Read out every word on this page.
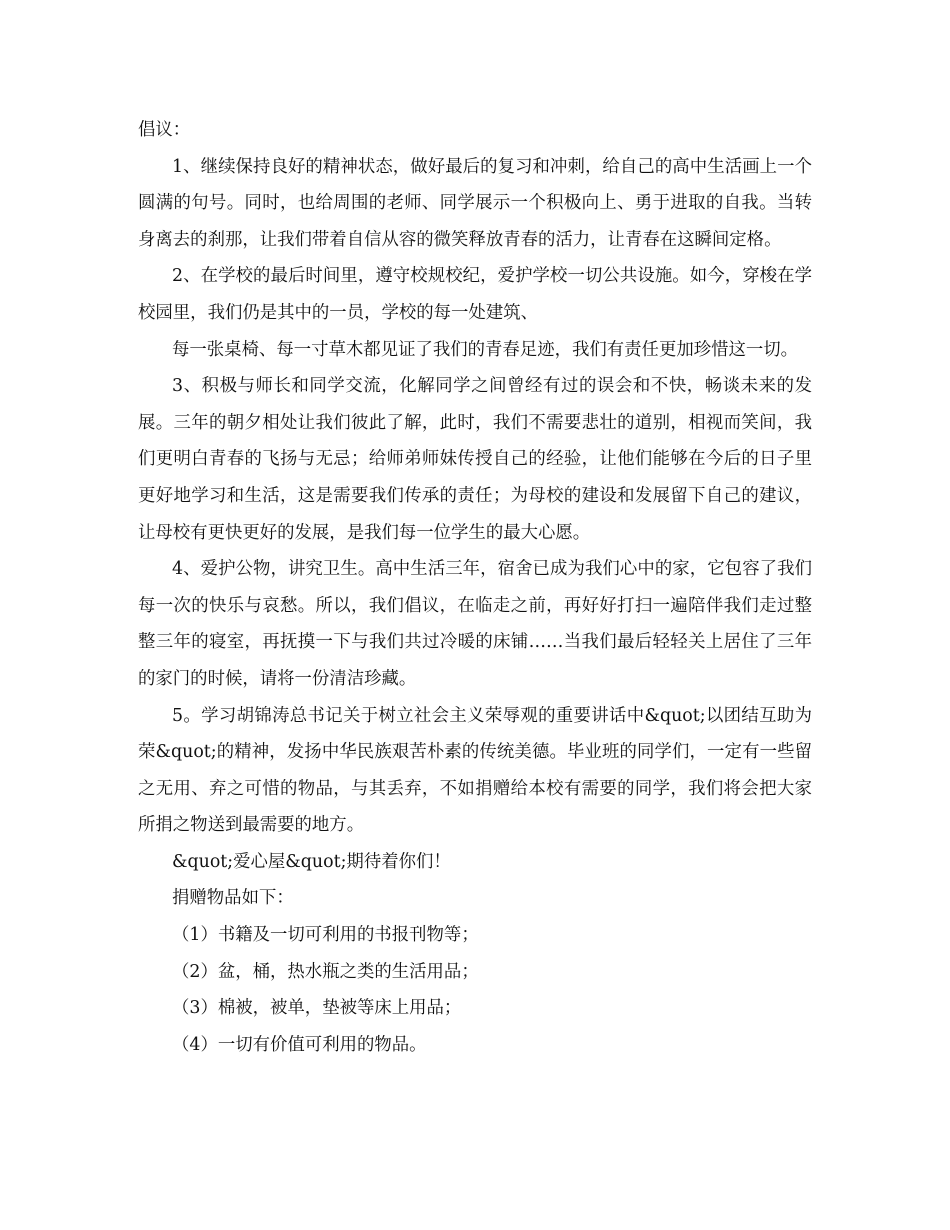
倡议：

1、继续保持良好的精神状态，做好最后的复习和冲刺，给自己的高中生活画上一个圆满的句号。同时，也给周围的老师、同学展示一个积极向上、勇于进取的自我。当转身离去的刹那，让我们带着自信从容的微笑释放青春的活力，让青春在这瞬间定格。

2、在学校的最后时间里，遵守校规校纪，爱护学校一切公共设施。如今，穿梭在学校园里，我们仍是其中的一员，学校的每一处建筑、

每一张桌椅、每一寸草木都见证了我们的青春足迹，我们有责任更加珍惜这一切。

3、积极与师长和同学交流，化解同学之间曾经有过的误会和不快，畅谈未来的发展。三年的朝夕相处让我们彼此了解，此时，我们不需要悲壮的道别，相视而笑间，我们更明白青春的飞扬与无忌；给师弟师妹传授自己的经验，让他们能够在今后的日子里更好地学习和生活，这是需要我们传承的责任；为母校的建设和发展留下自己的建议，让母校有更快更好的发展，是我们每一位学生的最大心愿。

4、爱护公物，讲究卫生。高中生活三年，宿舍已成为我们心中的家，它包容了我们每一次的快乐与哀愁。所以，我们倡议，在临走之前，再好好打扫一遍陪伴我们走过整整三年的寝室，再抚摸一下与我们共过冷暖的床铺……当我们最后轻轻关上居住了三年的家门的时候，请将一份清洁珍藏。

5。学习胡锦涛总书记关于树立社会主义荣辱观的重要讲话中&quot;以团结互助为荣&quot;的精神，发扬中华民族艰苦朴素的传统美德。毕业班的同学们，一定有一些留之无用、弃之可惜的物品，与其丢弃，不如捐赠给本校有需要的同学，我们将会把大家所捐之物送到最需要的地方。

&quot;爱心屋&quot;期待着你们！

捐赠物品如下：

（1）书籍及一切可利用的书报刊物等；

（2）盆，桶，热水瓶之类的生活用品；

（3）棉被，被单，垫被等床上用品；

（4）一切有价值可利用的物品。
